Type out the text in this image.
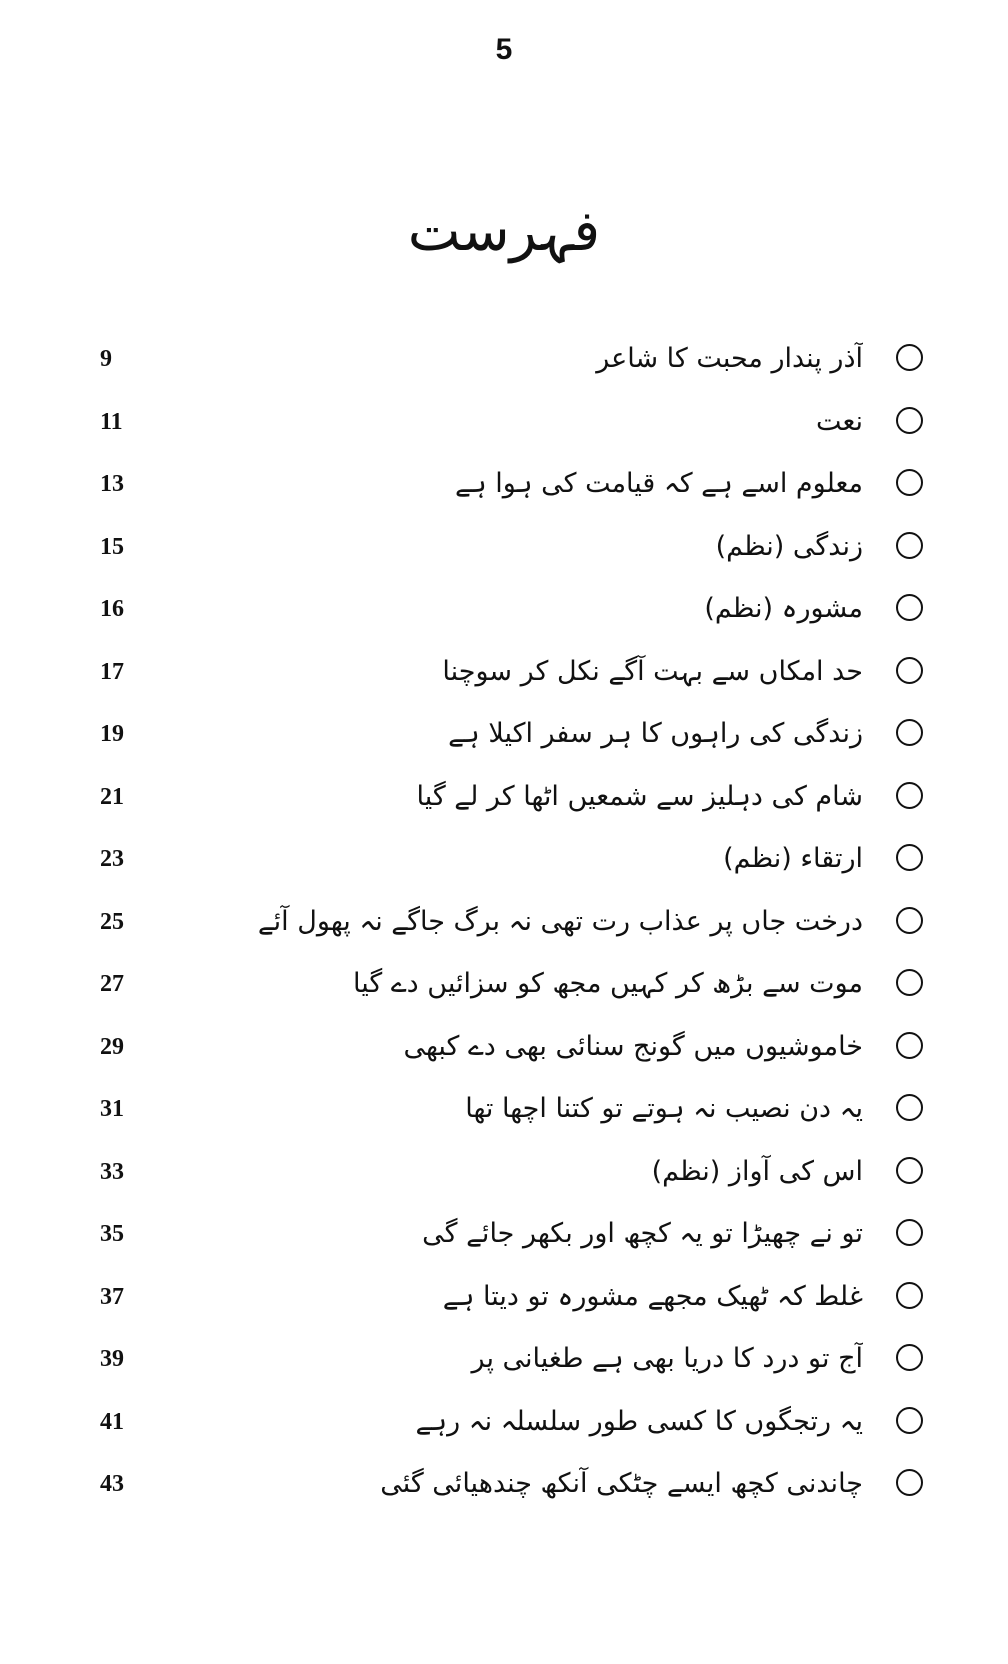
5
فہرست
آذر پندار محبت کا شاعر
9
نعت
11
معلوم اسے ہے کہ قیامت کی ہوا ہے
13
زندگی (نظم)
15
مشورہ (نظم)
16
حد امکاں سے بہت آگے نکل کر سوچنا
17
زندگی کی راہوں کا ہر سفر اکیلا ہے
19
شام کی دہلیز سے شمعیں اٹھا کر لے گیا
21
ارتقاء (نظم)
23
درخت جاں پر عذاب رت تھی نہ برگ جاگے نہ پھول آئے
25
موت سے بڑھ کر کہیں مجھ کو سزائیں دے گیا
27
خاموشیوں میں گونج سنائی بھی دے کبھی
29
یہ دن نصیب نہ ہوتے تو کتنا اچھا تھا
31
اس کی آواز (نظم)
33
تو نے چھیڑا تو یہ کچھ اور بکھر جائے گی
35
غلط کہ ٹھیک مجھے مشورہ تو دیتا ہے
37
آج تو درد کا دریا بھی ہے طغیانی پر
39
یہ رتجگوں کا کسی طور سلسلہ نہ رہے
41
چاندنی کچھ ایسے چٹکی آنکھ چندھیائی گئی
43
